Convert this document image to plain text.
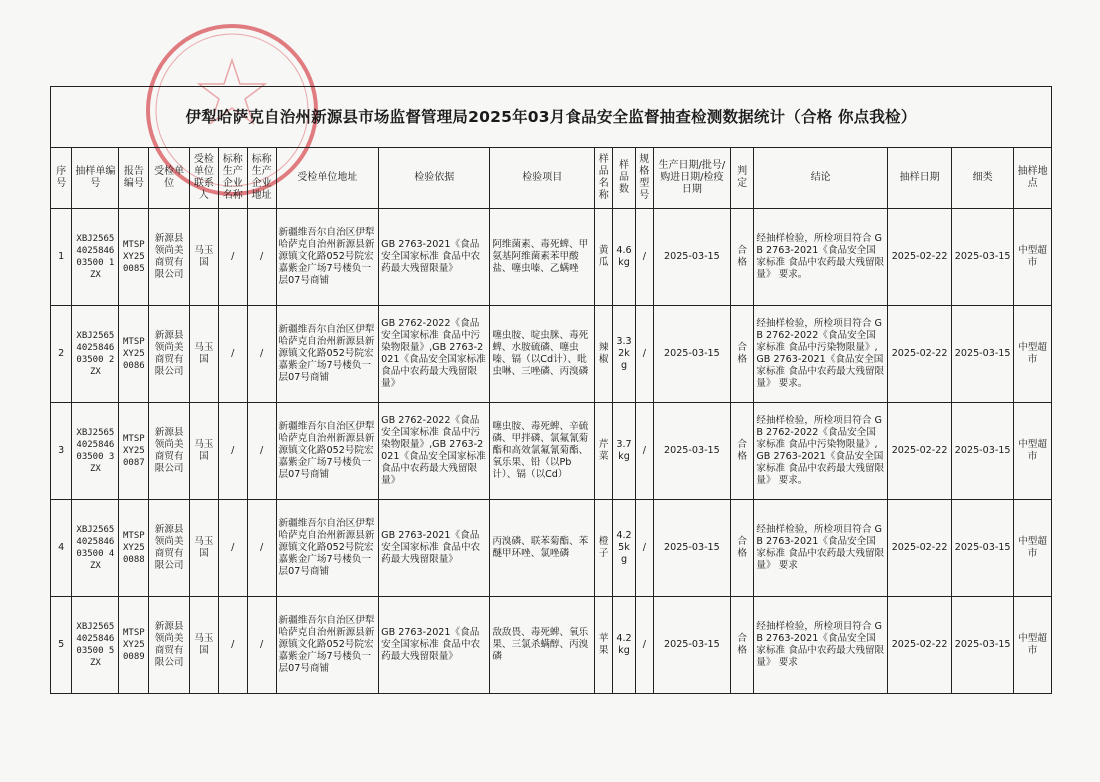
伊犁哈萨克自治州新源县市场监督管理局2025年03月食品安全监督抽查检测数据统计（合格 你点我检）																		
序号	抽样单编号	报告编号	受检单位	受检单位联系人	标称生产企业名称	标称生产企业地址	受检单位地址	检验依据	检验项目	样品名称	样品数	规格型号	生产日期/批号/购进日期/检疫日期	判定	结论	抽样日期	细类	抽样地点
1	XBJ2565402584603500 1ZX	MTSPXY250085	新源县领尚美商贸有限公司	马玉国	/	/	新疆维吾尔自治区伊犁哈萨克自治州新源县新源镇文化路052号院宏嘉紫金广场7号楼负一层07号商铺	GB 2763-2021《食品安全国家标准 食品中农药最大残留限量》	阿维菌素、毒死蜱、甲氨基阿维菌素苯甲酸盐、噻虫嗪、乙螨唑	黄瓜	4.6kg	/	2025-03-15	合格	经抽样检验，所检项目符合 GB 2763-2021《食品安全国家标准 食品中农药最大残留限量》 要求。	2025-02-22	2025-03-15	中型超市
2	XBJ2565402584603500 2ZX	MTSPXY250086	新源县领尚美商贸有限公司	马玉国	/	/	新疆维吾尔自治区伊犁哈萨克自治州新源县新源镇文化路052号院宏嘉紫金广场7号楼负一层07号商铺	GB 2762-2022《食品安全国家标准 食品中污染物限量》,GB 2763-2021《食品安全国家标准 食品中农药最大残留限量》	噻虫胺、啶虫脒、毒死蜱、水胺硫磷、噻虫嗪、镉（以Cd计）、吡虫啉、三唑磷、丙溴磷	辣椒	3.32kg	/	2025-03-15	合格	经抽样检验，所检项目符合 GB 2762-2022《食品安全国家标准 食品中污染物限量》,GB 2763-2021《食品安全国家标准 食品中农药最大残留限量》 要求。	2025-02-22	2025-03-15	中型超市
3	XBJ2565402584603500 3ZX	MTSPXY250087	新源县领尚美商贸有限公司	马玉国	/	/	新疆维吾尔自治区伊犁哈萨克自治州新源县新源镇文化路052号院宏嘉紫金广场7号楼负一层07号商铺	GB 2762-2022《食品安全国家标准 食品中污染物限量》,GB 2763-2021《食品安全国家标准 食品中农药最大残留限量》	噻虫胺、毒死蜱、辛硫磷、甲拌磷、氯氟氰菊酯和高效氯氟氰菊酯、氧乐果、铅（以Pb计）、镉（以Cd）	芹菜	3.7kg	/	2025-03-15	合格	经抽样检验，所检项目符合 GB 2762-2022《食品安全国家标准 食品中污染物限量》,GB 2763-2021《食品安全国家标准 食品中农药最大残留限量》 要求。	2025-02-22	2025-03-15	中型超市
4	XBJ2565402584603500 4ZX	MTSPXY250088	新源县领尚美商贸有限公司	马玉国	/	/	新疆维吾尔自治区伊犁哈萨克自治州新源县新源镇文化路052号院宏嘉紫金广场7号楼负一层07号商铺	GB 2763-2021《食品安全国家标准 食品中农药最大残留限量》	丙溴磷、联苯菊酯、苯醚甲环唑、氯唑磷	橙子	4.25kg	/	2025-03-15	合格	经抽样检验，所检项目符合 GB 2763-2021《食品安全国家标准 食品中农药最大残留限量》 要求	2025-02-22	2025-03-15	中型超市
5	XBJ2565402584603500 5ZX	MTSPXY250089	新源县领尚美商贸有限公司	马玉国	/	/	新疆维吾尔自治区伊犁哈萨克自治州新源县新源镇文化路052号院宏嘉紫金广场7号楼负一层07号商铺	GB 2763-2021《食品安全国家标准 食品中农药最大残留限量》	敌敌畏、毒死蜱、氧乐果、三氯杀螨醇、丙溴磷	苹果	4.2kg	/	2025-03-15	合格	经抽样检验，所检项目符合 GB 2763-2021《食品安全国家标准 食品中农药最大残留限量》 要求	2025-02-22	2025-03-15	中型超市
